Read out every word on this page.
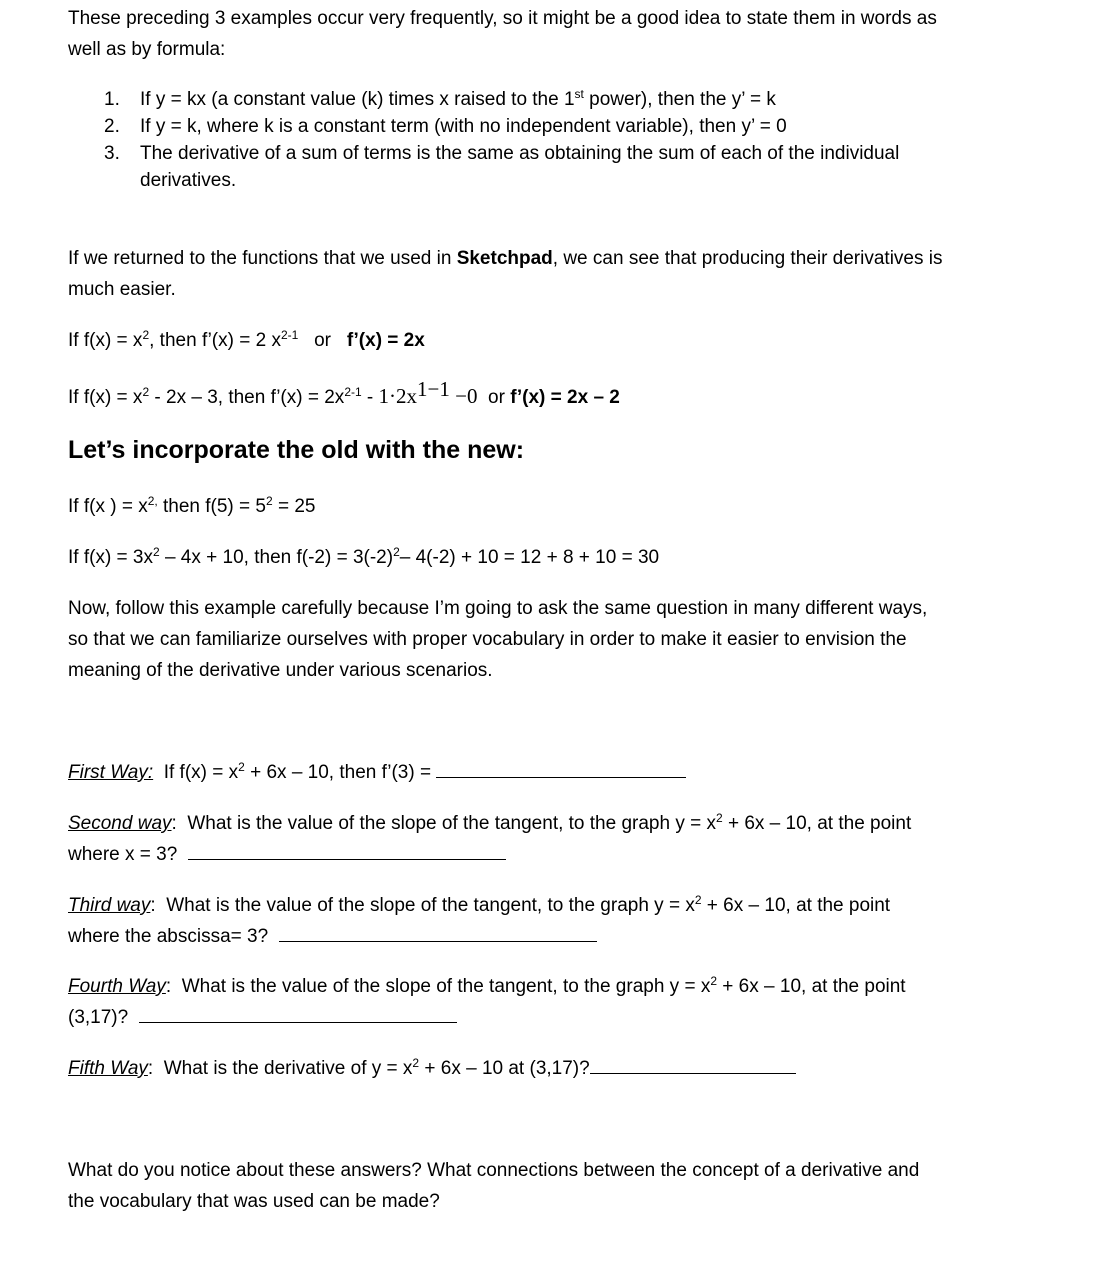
These preceding 3 examples occur very frequently, so it might be a good idea to state them in words as

well as by formula:

1. If y = kx (a constant value (k) times x raised to the 1st power), then the y’ = k
2. If y = k, where k is a constant term (with no independent variable), then y’ = 0
3. The derivative of a sum of terms is the same as obtaining the sum of each of the individual
derivatives.

If we returned to the functions that we used in Sketchpad, we can see that producing their derivatives is

much easier.

If $f(x) = x^2$, then f’(x) = 2 $x^{2-1}$   or   f’(x) = 2x

If $f(x) = x^2 - 2x - 3$, then f’(x) = $2x^{2-1} - 1\cdot 2x^{1-1} -0$  or f’(x) = 2x – 2

Let’s incorporate the old with the new:

If f(x ) = $x^{2,}$ then $f(5) = 5^2 = 25$

If $f(x) = 3x^2 - 4x + 10$, then $f(-2) = 3(-2)^2-$ 4(-2) + 10 = 12 + 8 + 10 = 30

Now, follow this example carefully because I’m going to ask the same question in many different ways,

so that we can familiarize ourselves with proper vocabulary in order to make it easier to envision the

meaning of the derivative under various scenarios.

First Way:  If $f(x) = x^2 + 6x - 10$, then f’(3) =

Second way:  What is the value of the slope of the tangent, to the graph $y = x^2 + 6x - 10$, at the point

where x = 3?

Third way:  What is the value of the slope of the tangent, to the graph $y = x^2 + 6x - 10$, at the point

where the abscissa= 3?

Fourth Way:  What is the value of the slope of the tangent, to the graph $y = x^2 + 6x - 10$, at the point

(3,17)?

Fifth Way:  What is the derivative of $y = x^2 + 6x - 10$ at (3,17)?

What do you notice about these answers? What connections between the concept of a derivative and

the vocabulary that was used can be made?
